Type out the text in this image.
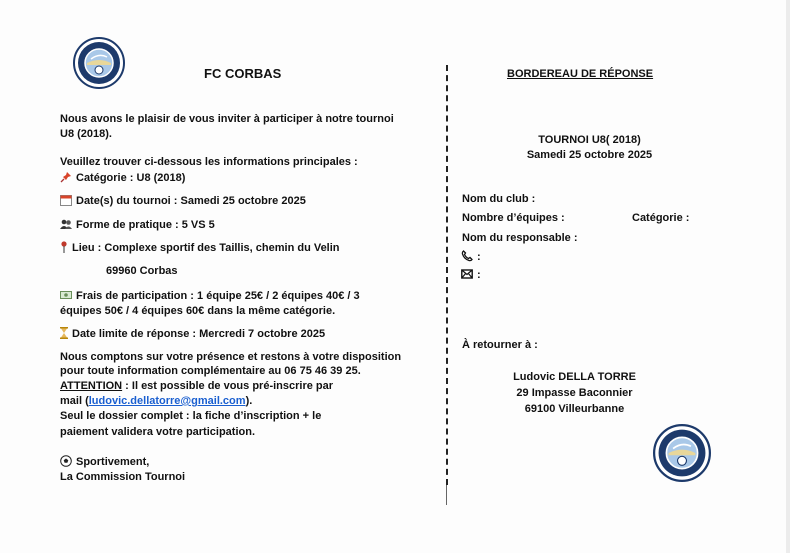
FC CORBAS
Nous avons le plaisir de vous inviter à participer à notre tournoi
U8 (2018).
Veuillez trouver ci-dessous les informations principales :
Catégorie : U8 (2018)
Date(s) du tournoi : Samedi 25 octobre 2025
Forme de pratique : 5 VS 5
Lieu : Complexe sportif des Taillis, chemin du Velin
69960 Corbas
Frais de participation : 1 équipe 25€ / 2 équipes 40€ / 3
équipes 50€ / 4 équipes 60€ dans la même catégorie.
Date limite de réponse : Mercredi 7 octobre 2025
Nous comptons sur votre présence et restons à votre disposition
pour toute information complémentaire au 06 75 46 39 25.
ATTENTION : Il est possible de vous pré-inscrire par
mail (ludovic.dellatorre@gmail.com).
Seul le dossier complet : la fiche d’inscription + le
paiement validera votre participation.
Sportivement,
La Commission Tournoi
BORDEREAU DE RÉPONSE
TOURNOI U8( 2018)
Samedi 25 octobre 2025
Nom du club :
Nombre d’équipes :	Catégorie :
Nom du responsable :
:
:
À retourner à :
Ludovic DELLA TORRE
29 Impasse Baconnier
69100 Villeurbanne
